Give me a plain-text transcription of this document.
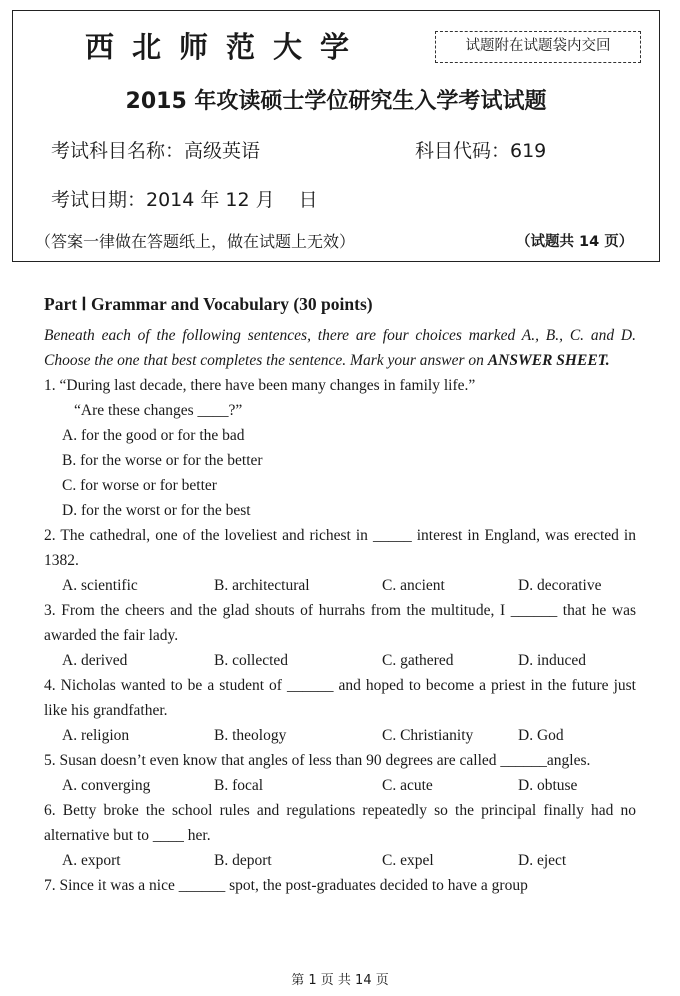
西北师范大学	试题附在试题袋内交回
2015 年攻读硕士学位研究生入学考试试题
考试科目名称：高级英语	科目代码：619
考试日期：2014 年 12 月 日
（答案一律做在答题纸上，做在试题上无效）	（试题共 14 页）
Part Ⅰ Grammar and Vocabulary (30 points)
Beneath each of the following sentences, there are four choices marked A., B., C. and D. Choose the one that best completes the sentence. Mark your answer on ANSWER SHEET.
1. “During last decade, there have been many changes in family life.”
“Are these changes ____?”
A. for the good or for the bad
B. for the worse or for the better
C. for worse or for better
D. for the worst or for the best
2. The cathedral, one of the loveliest and richest in _____ interest in England, was erected in 1382.
A. scientific	B. architectural	C. ancient	D. decorative
3. From the cheers and the glad shouts of hurrahs from the multitude, I ______ that he was awarded the fair lady.
A. derived	B. collected	C. gathered	D. induced
4. Nicholas wanted to be a student of ______ and hoped to become a priest in the future just like his grandfather.
A. religion	B. theology	C. Christianity	D. God
5. Susan doesn’t even know that angles of less than 90 degrees are called ______angles.
A. converging	B. focal	C. acute	D. obtuse
6. Betty broke the school rules and regulations repeatedly so the principal finally had no alternative but to ____ her.
A. export	B. deport	C. expel	D. eject
7. Since it was a nice ______ spot, the post-graduates decided to have a group
第 1 页 共 14 页
